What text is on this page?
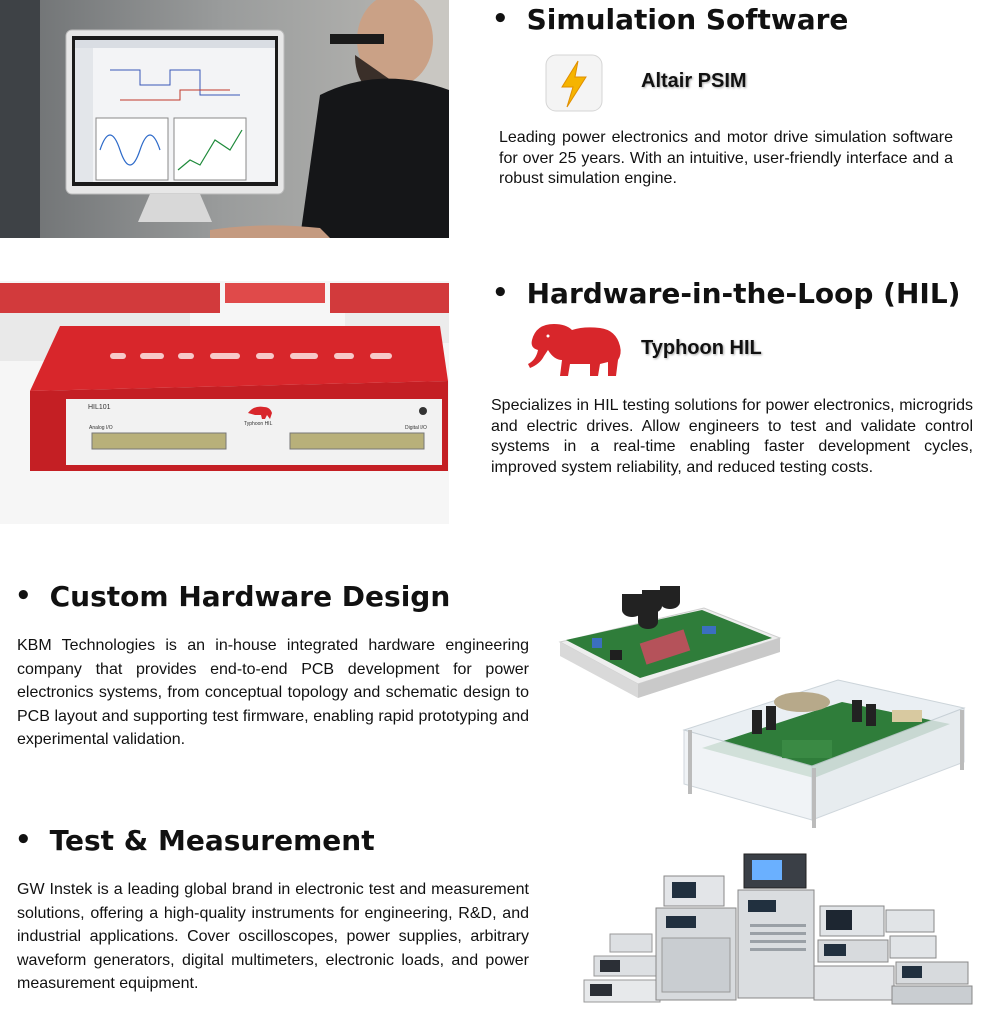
• Simulation Software
Altair PSIM
Leading power electronics and motor drive simulation software for over 25 years. With an intuitive, user-friendly interface and a robust simulation engine.
HIL101
Typhoon HIL
Analog I/O	Digital I/O
• Hardware-in-the-Loop (HIL)
Typhoon HIL
Specializes in HIL testing solutions for power electronics, microgrids and electric drives. Allow engineers to test and validate control systems in a real-time enabling faster development cycles, improved system reliability, and reduced testing costs.
• Custom Hardware Design
KBM Technologies is an in-house integrated hardware engineering company that provides end-to-end PCB development for power electronics systems, from conceptual topology and schematic design to PCB layout and supporting test firmware, enabling rapid prototyping and experimental validation.
• Test & Measurement
GW Instek is a leading global brand in electronic test and measurement solutions, offering a high-quality instruments for engineering, R&D, and industrial applications. Cover oscilloscopes, power supplies, arbitrary waveform generators, digital multimeters, electronic loads, and power measurement equipment.
